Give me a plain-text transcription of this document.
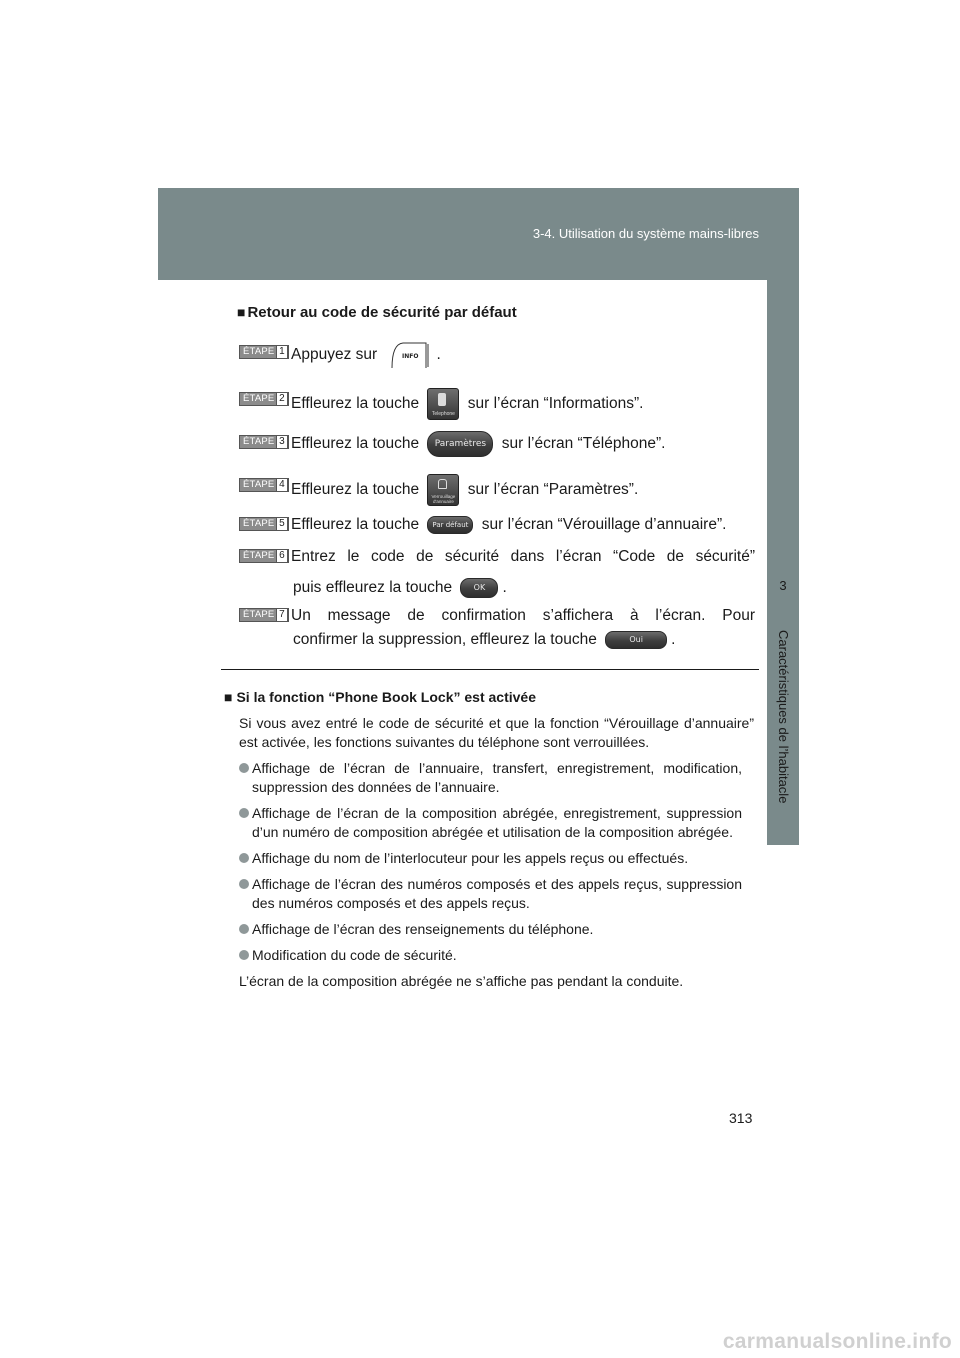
3-4. Utilisation du système mains-libres
3
Caractéristiques de l’habitacle
■ Retour au code de sécurité par défaut
ÉTAPE 1 Appuyez sur	INFO .
ÉTAPE 2 Effleurez la touche
Telephone
sur l’écran “Informations”.
ÉTAPE 3 Effleurez la touche Paramètres sur l’écran “Téléphone”.
ÉTAPE 4 Effleurez la touche	Verrouillage d'annuaire
sur l’écran “Paramètres”.
ÉTAPE 5 Effleurez la touche Par défaut sur l’écran “Vérouillage d’annuaire”.
ÉTAPE 6 Entrez le code de sécurité dans l’écran “Code de sécurité”
puis effleurez la touche	OK .
ÉTAPE 7 Un message de confirmation s’affichera à l’écran. Pour
confirmer la suppression, effleurez la touche	Oui .
■ Si la fonction “Phone Book Lock” est activée
Si vous avez entré le code de sécurité et que la fonction “Vérouillage d’annuaire” est activée, les fonctions suivantes du téléphone sont verrouillées.
Affichage de l’écran de l’annuaire, transfert, enregistrement, modification, suppression des données de l’annuaire.
Affichage de l’écran de la composition abrégée, enregistrement, suppression d’un numéro de composition abrégée et utilisation de la composition abrégée.
Affichage du nom de l’interlocuteur pour les appels reçus ou effectués.
Affichage de l’écran des numéros composés et des appels reçus, suppression des numéros composés et des appels reçus.
Affichage de l’écran des renseignements du téléphone.
Modification du code de sécurité.
L’écran de la composition abrégée ne s’affiche pas pendant la conduite.
313
carmanualsonline.info
